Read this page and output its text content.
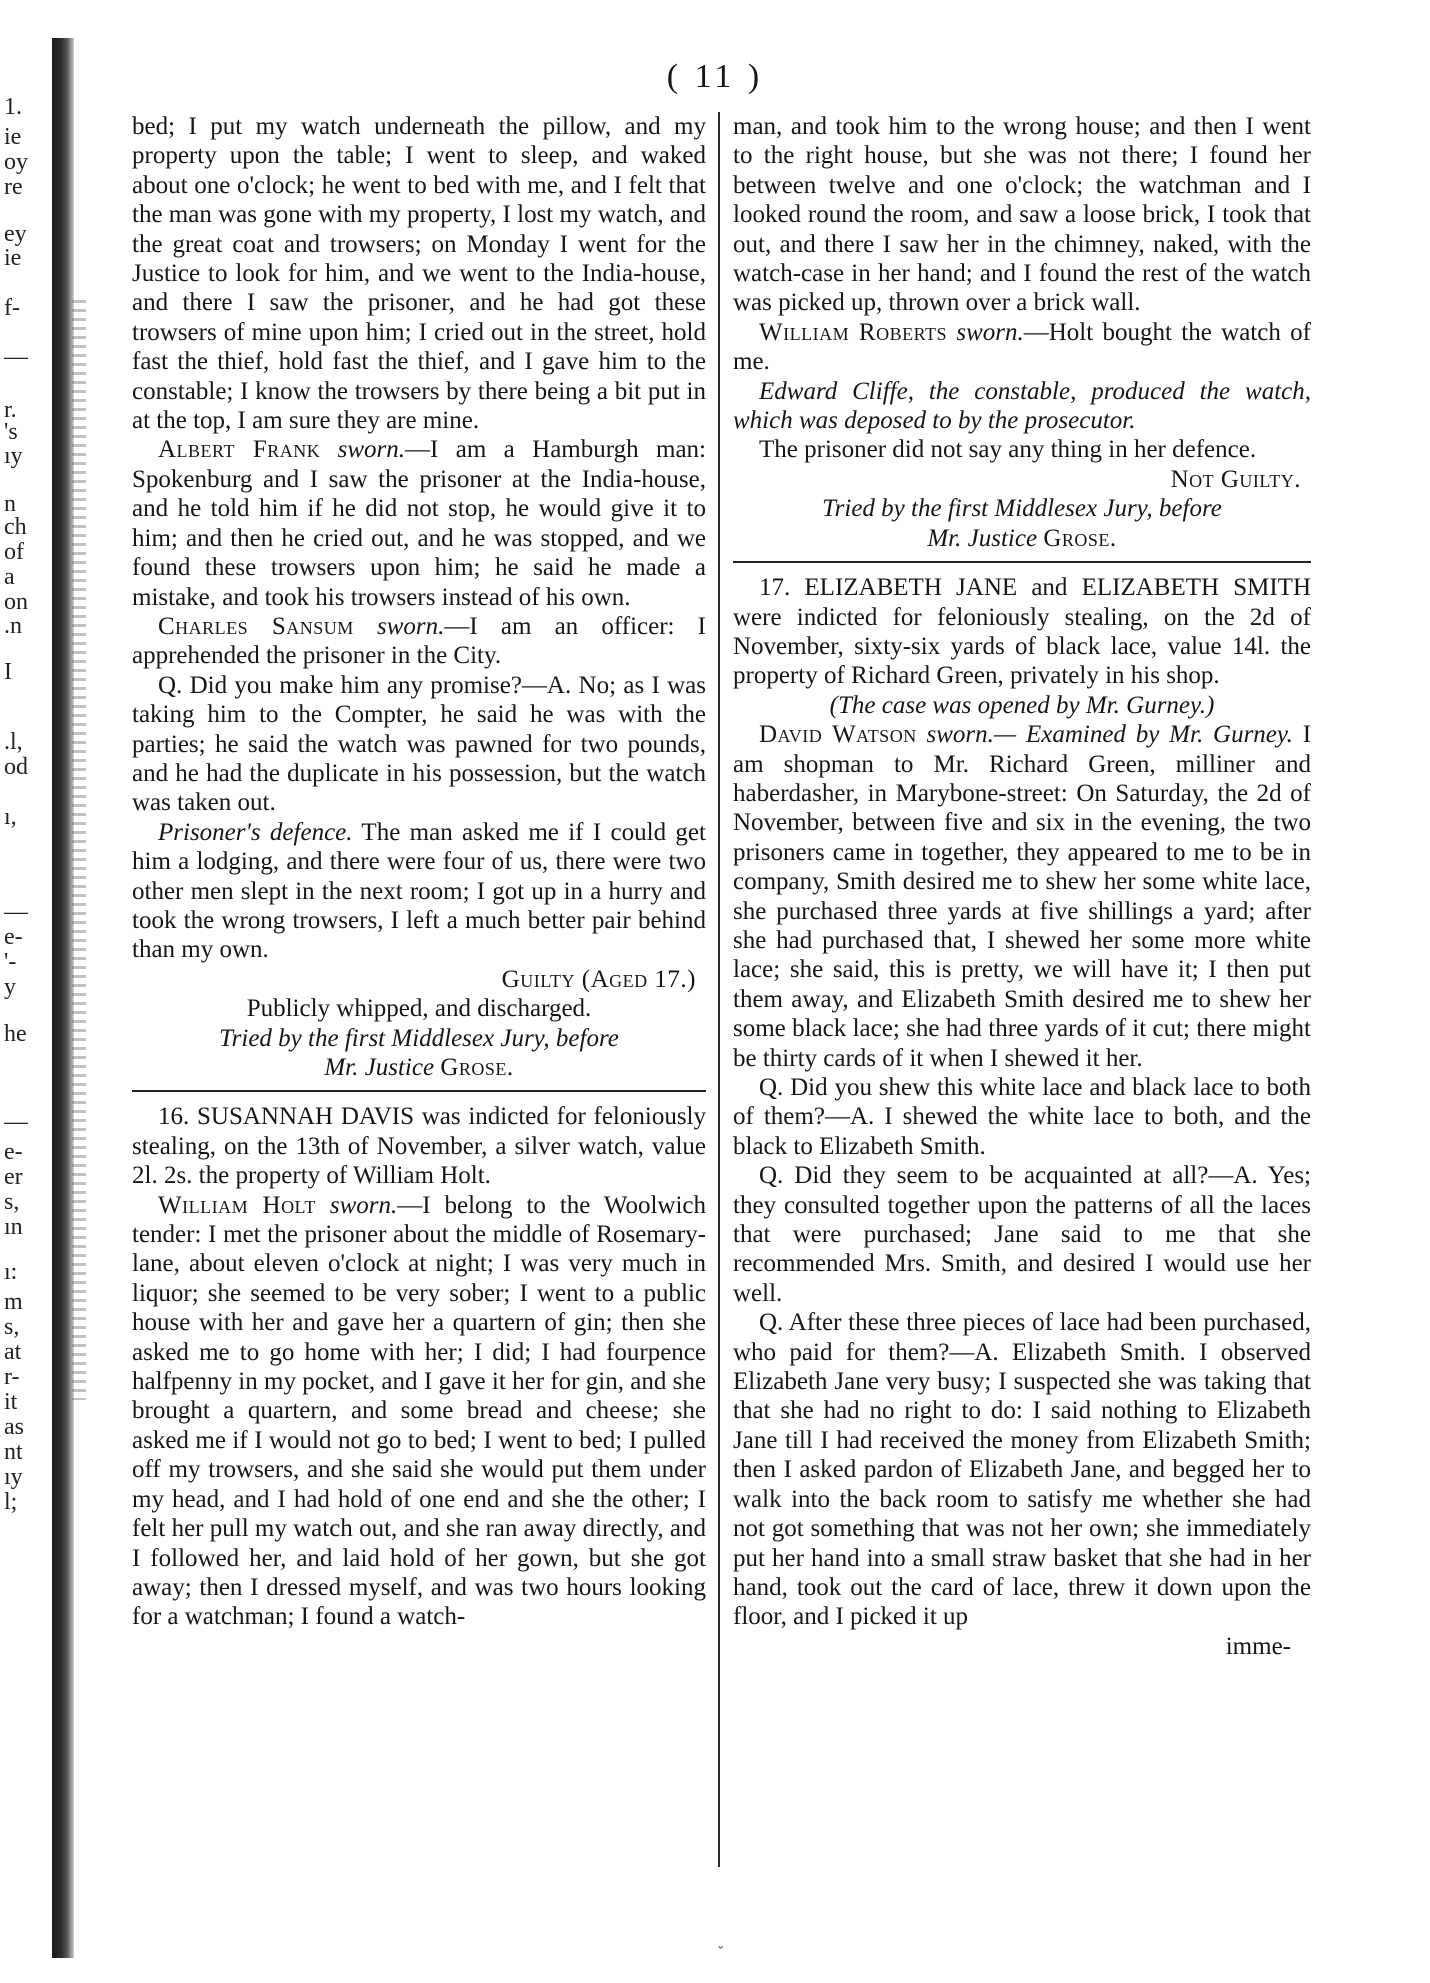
1.
ie
oy
re
ey
ie
f-
—
r.
's
ıy
n
ch
of
a
on
.n
I
.l,
od
ı,
—
e-
'-
y
he
—
e-
er
s,
ın
ı:
m
s,
at
r-
it
as
nt
ıy
l;
( 11 )

bed; I put my watch underneath the pillow, and my property upon the table; I went to sleep, and waked about one o'clock; he went to bed with me, and I felt that the man was gone with my property, I lost my watch, and the great coat and trowsers; on Monday I went for the Justice to look for him, and we went to the India-house, and there I saw the prisoner, and he had got these trowsers of mine upon him; I cried out in the street, hold fast the thief, hold fast the thief, and I gave him to the constable; I know the trowsers by there being a bit put in at the top, I am sure they are mine.

Albert Frank sworn.—I am a Hamburgh man: Spokenburg and I saw the prisoner at the India-house, and he told him if he did not stop, he would give it to him; and then he cried out, and he was stopped, and we found these trowsers upon him; he said he made a mistake, and took his trowsers instead of his own.

Charles Sansum sworn.—I am an officer: I apprehended the prisoner in the City.

Q. Did you make him any promise?—A. No; as I was taking him to the Compter, he said he was with the parties; he said the watch was pawned for two pounds, and he had the duplicate in his possession, but the watch was taken out.

Prisoner's defence. The man asked me if I could get him a lodging, and there were four of us, there were two other men slept in the next room; I got up in a hurry and took the wrong trowsers, I left a much better pair behind than my own.

Guilty (Aged 17.)

Publicly whipped, and discharged.

Tried by the first Middlesex Jury, before

Mr. Justice Grose.

16. SUSANNAH DAVIS was indicted for feloniously stealing, on the 13th of November, a silver watch, value 2l. 2s. the property of William Holt.

William Holt sworn.—I belong to the Woolwich tender: I met the prisoner about the middle of Rosemary-lane, about eleven o'clock at night; I was very much in liquor; she seemed to be very sober; I went to a public house with her and gave her a quartern of gin; then she asked me to go home with her; I did; I had fourpence halfpenny in my pocket, and I gave it her for gin, and she brought a quartern, and some bread and cheese; she asked me if I would not go to bed; I went to bed; I pulled off my trowsers, and she said she would put them under my head, and I had hold of one end and she the other; I felt her pull my watch out, and she ran away directly, and I followed her, and laid hold of her gown, but she got away; then I dressed myself, and was two hours looking for a watchman; I found a watch-

man, and took him to the wrong house; and then I went to the right house, but she was not there; I found her between twelve and one o'clock; the watchman and I looked round the room, and saw a loose brick, I took that out, and there I saw her in the chimney, naked, with the watch-case in her hand; and I found the rest of the watch was picked up, thrown over a brick wall.

William Roberts sworn.—Holt bought the watch of me.

Edward Cliffe, the constable, produced the watch, which was deposed to by the prosecutor.

The prisoner did not say any thing in her defence.

Not Guilty.

Tried by the first Middlesex Jury, before

Mr. Justice Grose.

17. ELIZABETH JANE and ELIZABETH SMITH were indicted for feloniously stealing, on the 2d of November, sixty-six yards of black lace, value 14l. the property of Richard Green, privately in his shop.

(The case was opened by Mr. Gurney.)

David Watson sworn.— Examined by Mr. Gurney. I am shopman to Mr. Richard Green, milliner and haberdasher, in Marybone-street: On Saturday, the 2d of November, between five and six in the evening, the two prisoners came in together, they appeared to me to be in company, Smith desired me to shew her some white lace, she purchased three yards at five shillings a yard; after she had purchased that, I shewed her some more white lace; she said, this is pretty, we will have it; I then put them away, and Elizabeth Smith desired me to shew her some black lace; she had three yards of it cut; there might be thirty cards of it when I shewed it her.

Q. Did you shew this white lace and black lace to both of them?—A. I shewed the white lace to both, and the black to Elizabeth Smith.

Q. Did they seem to be acquainted at all?—A. Yes; they consulted together upon the patterns of all the laces that were purchased; Jane said to me that she recommended Mrs. Smith, and desired I would use her well.

Q. After these three pieces of lace had been purchased, who paid for them?—A. Elizabeth Smith. I observed Elizabeth Jane very busy; I suspected she was taking that that she had no right to do: I said nothing to Elizabeth Jane till I had received the money from Elizabeth Smith; then I asked pardon of Elizabeth Jane, and begged her to walk into the back room to satisfy me whether she had not got something that was not her own; she immediately put her hand into a small straw basket that she had in her hand, took out the card of lace, threw it down upon the floor, and I picked it up

imme-

ˇ
